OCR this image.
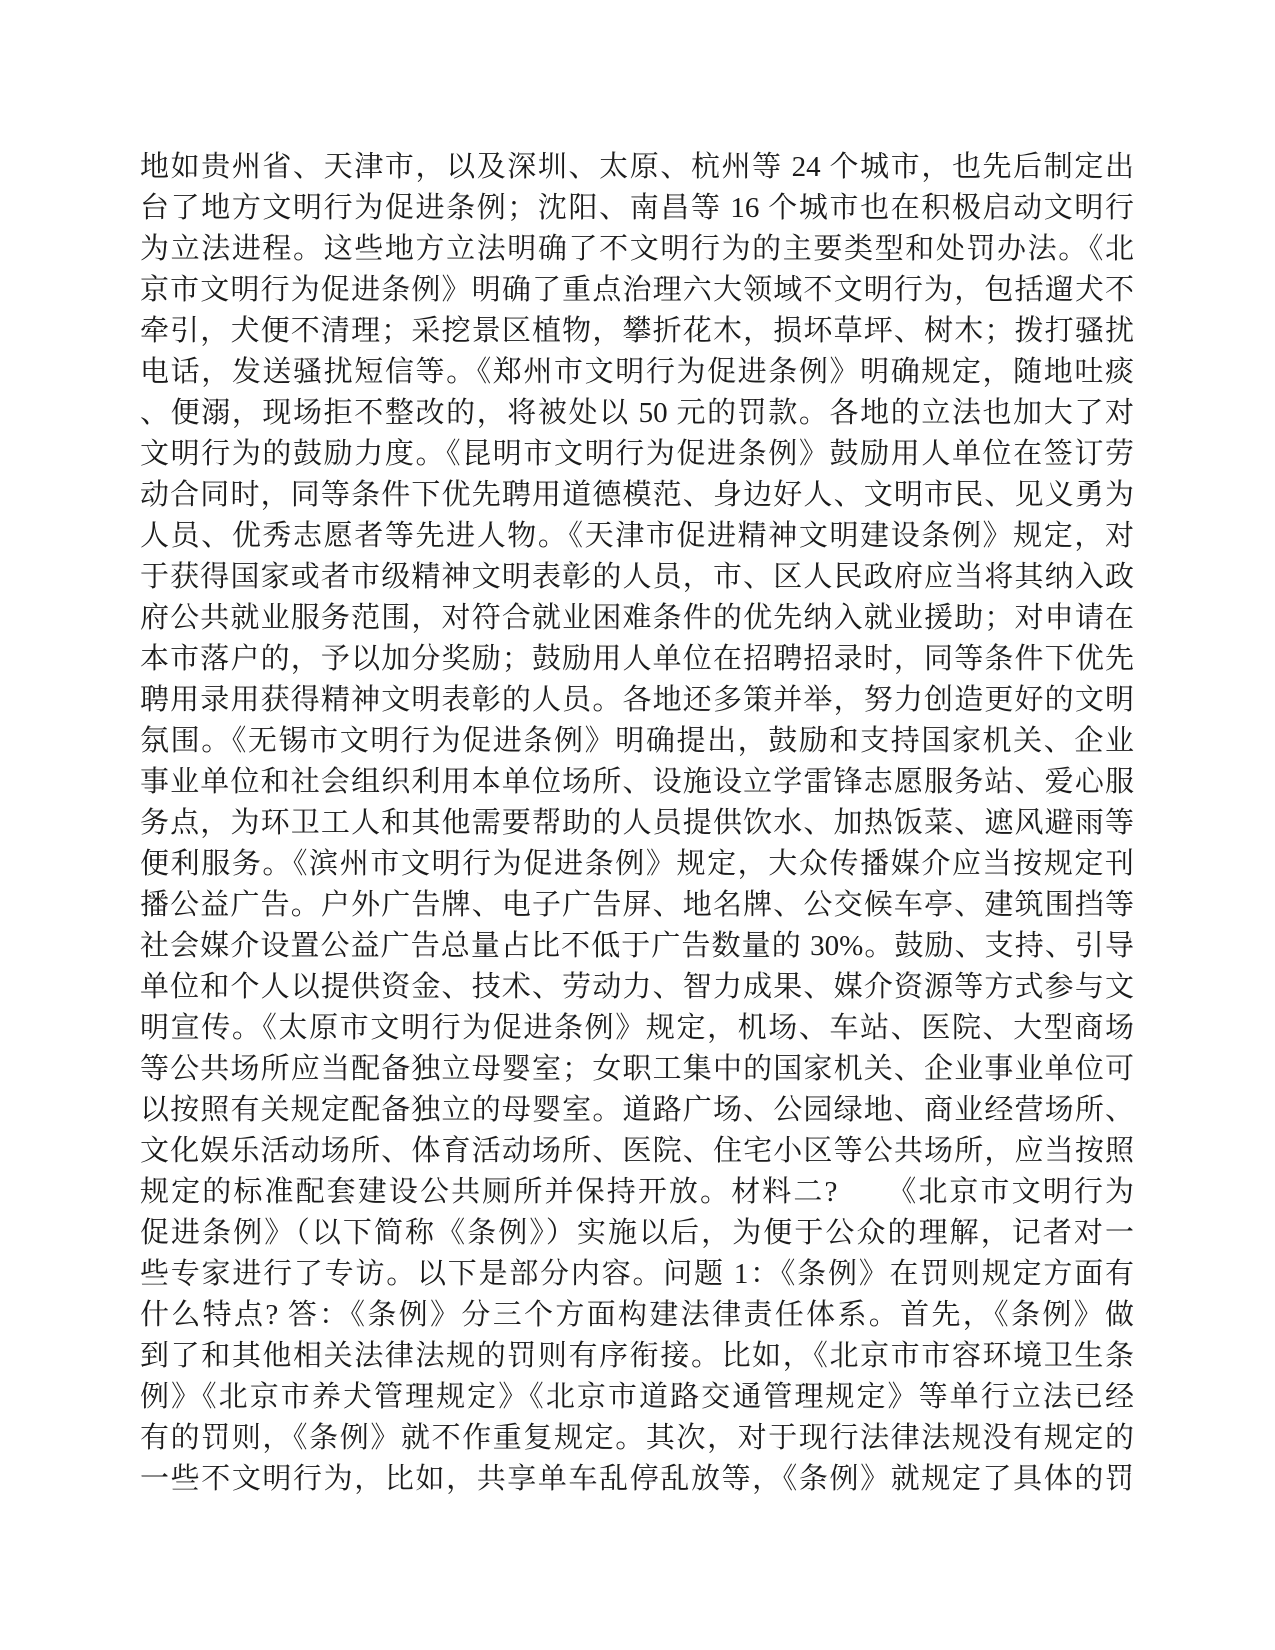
地如贵州省、天津市，以及深圳、太原、杭州等 24 个城市，也先后制定出
台了地方文明行为促进条例；沈阳、南昌等 16 个城市也在积极启动文明行
为立法进程。这些地方立法明确了不文明行为的主要类型和处罚办法。《北
京市文明行为促进条例》明确了重点治理六大领域不文明行为，包括遛犬不
牵引，犬便不清理；采挖景区植物，攀折花木，损坏草坪、树木；拨打骚扰
电话，发送骚扰短信等。《郑州市文明行为促进条例》明确规定，随地吐痰
、便溺，现场拒不整改的，将被处以 50 元的罚款。各地的立法也加大了对
文明行为的鼓励力度。《昆明市文明行为促进条例》鼓励用人单位在签订劳
动合同时，同等条件下优先聘用道德模范、身边好人、文明市民、见义勇为
人员、优秀志愿者等先进人物。《天津市促进精神文明建设条例》规定，对
于获得国家或者市级精神文明表彰的人员，市、区人民政府应当将其纳入政
府公共就业服务范围，对符合就业困难条件的优先纳入就业援助；对申请在
本市落户的，予以加分奖励；鼓励用人单位在招聘招录时，同等条件下优先
聘用录用获得精神文明表彰的人员。各地还多策并举，努力创造更好的文明
氛围。《无锡市文明行为促进条例》明确提出，鼓励和支持国家机关、企业
事业单位和社会组织利用本单位场所、设施设立学雷锋志愿服务站、爱心服
务点，为环卫工人和其他需要帮助的人员提供饮水、加热饭菜、遮风避雨等
便利服务。《滨州市文明行为促进条例》规定，大众传播媒介应当按规定刊
播公益广告。户外广告牌、电子广告屏、地名牌、公交候车亭、建筑围挡等
社会媒介设置公益广告总量占比不低于广告数量的 30%。鼓励、支持、引导
单位和个人以提供资金、技术、劳动力、智力成果、媒介资源等方式参与文
明宣传。《太原市文明行为促进条例》规定，机场、车站、医院、大型商场
等公共场所应当配备独立母婴室；女职工集中的国家机关、企业事业单位可
以按照有关规定配备独立的母婴室。道路广场、公园绿地、商业经营场所、
文化娱乐活动场所、体育活动场所、医院、住宅小区等公共场所，应当按照
规定的标准配套建设公共厕所并保持开放。材料二?　　《北京市文明行为
促进条例》（以下简称《条例》）实施以后，为便于公众的理解，记者对一
些专家进行了专访。以下是部分内容。问题 1：《条例》在罚则规定方面有
什么特点? 答：《条例》分三个方面构建法律责任体系。首先，《条例》做
到了和其他相关法律法规的罚则有序衔接。比如，《北京市市容环境卫生条
例》《北京市养犬管理规定》《北京市道路交通管理规定》等单行立法已经
有的罚则，《条例》就不作重复规定。其次，对于现行法律法规没有规定的
一些不文明行为，比如，共享单车乱停乱放等，《条例》就规定了具体的罚
